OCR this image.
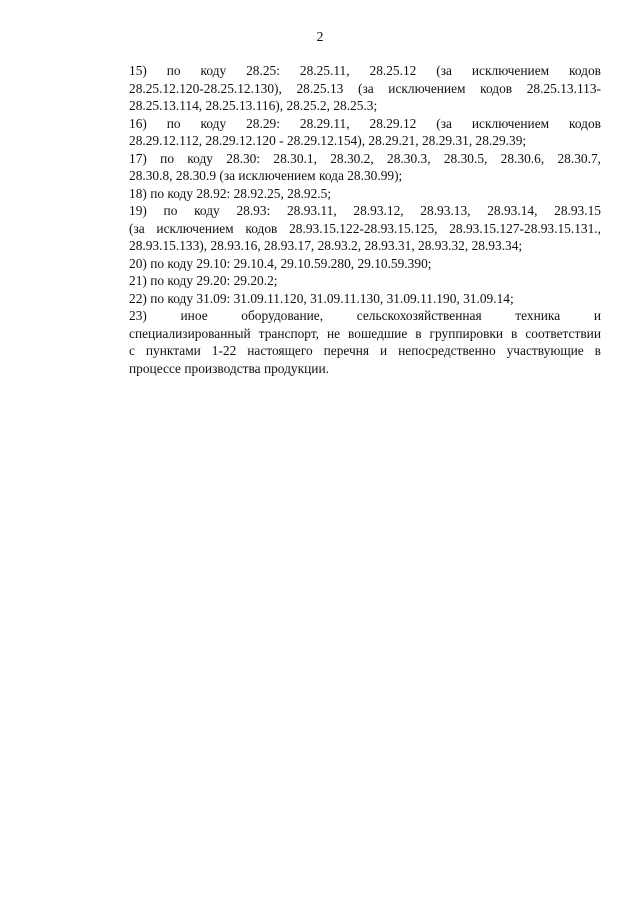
2

15) по коду 28.25: 28.25.11, 28.25.12 (за исключением кодов
28.25.12.120-28.25.12.130), 28.25.13 (за исключением кодов 28.25.13.113-
28.25.13.114, 28.25.13.116), 28.25.2, 28.25.3;

16) по коду 28.29: 28.29.11, 28.29.12 (за исключением кодов
28.29.12.112, 28.29.12.120 - 28.29.12.154), 28.29.21, 28.29.31, 28.29.39;

17) по коду 28.30: 28.30.1, 28.30.2, 28.30.3, 28.30.5, 28.30.6, 28.30.7,
28.30.8, 28.30.9 (за исключением кода 28.30.99);

18) по коду 28.92: 28.92.25, 28.92.5;

19) по коду 28.93: 28.93.11, 28.93.12, 28.93.13, 28.93.14, 28.93.15
(за исключением кодов 28.93.15.122-28.93.15.125, 28.93.15.127-28.93.15.131.,
28.93.15.133), 28.93.16, 28.93.17, 28.93.2, 28.93.31, 28.93.32, 28.93.34;

20) по коду 29.10: 29.10.4, 29.10.59.280, 29.10.59.390;

21) по коду 29.20: 29.20.2;

22) по коду 31.09: 31.09.11.120, 31.09.11.130, 31.09.11.190, 31.09.14;

23) иное оборудование, сельскохозяйственная техника и
специализированный транспорт, не вошедшие в группировки в соответствии
с пунктами 1-22 настоящего перечня и непосредственно участвующие в
процессе производства продукции.
